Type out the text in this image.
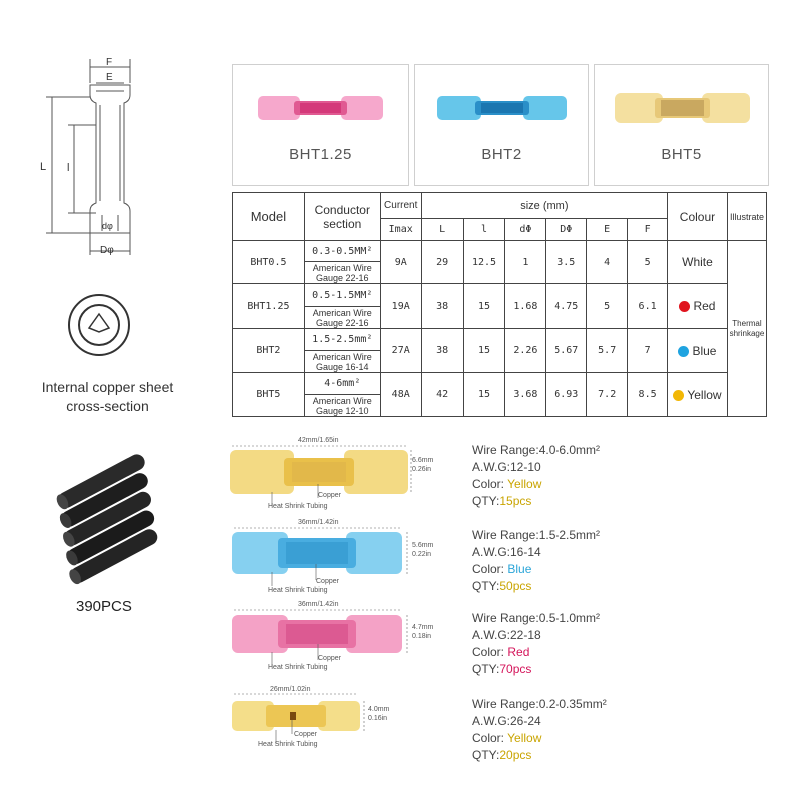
F
E
L l
dφ
Dφ
Internal copper sheet
cross-section
390PCS
BHT1.25	BHT2	BHT5
Model	Conductor section	Current	size (mm)						Colour	Illustrate
		Imax	L	l	dΦ	DΦ	E	F		
BHT0.5	0.3-0.5MM²	9A	29	12.5	1	3.5	4	5	White	Thermal shrinkage
	American Wire Gauge 22-16									
BHT1.25	0.5-1.5MM²	19A	38	15	1.68	4.75	5	6.1	Red	
	American Wire Gauge 22-16									
BHT2	1.5-2.5mm²	27A	38	15	2.26	5.67	5.7	7	Blue	
	American Wire Gauge 16-14									
BHT5	4-6mm²	48A	42	15	3.68	6.93	7.2	8.5	Yellow	
	American Wire Gauge 12-10									
42mm/1.65in
6.6mm
0.26in
Copper
Heat Shrink Tubing
Wire Range:4.0-6.0mm²
A.W.G:12-10
Color: Yellow
QTY:15pcs
36mm/1.42in
5.6mm
0.22in
Copper
Heat Shrink Tubing
Wire Range:1.5-2.5mm²
A.W.G:16-14
Color: Blue
QTY:50pcs
36mm/1.42in
4.7mm
0.18in
Copper
Heat Shrink Tubing
Wire Range:0.5-1.0mm²
A.W.G:22-18
Color: Red
QTY:70pcs
26mm/1.02in
4.0mm
0.16in
Copper
Heat Shrink Tubing
Wire Range:0.2-0.35mm²
A.W.G:26-24
Color: Yellow
QTY:20pcs
